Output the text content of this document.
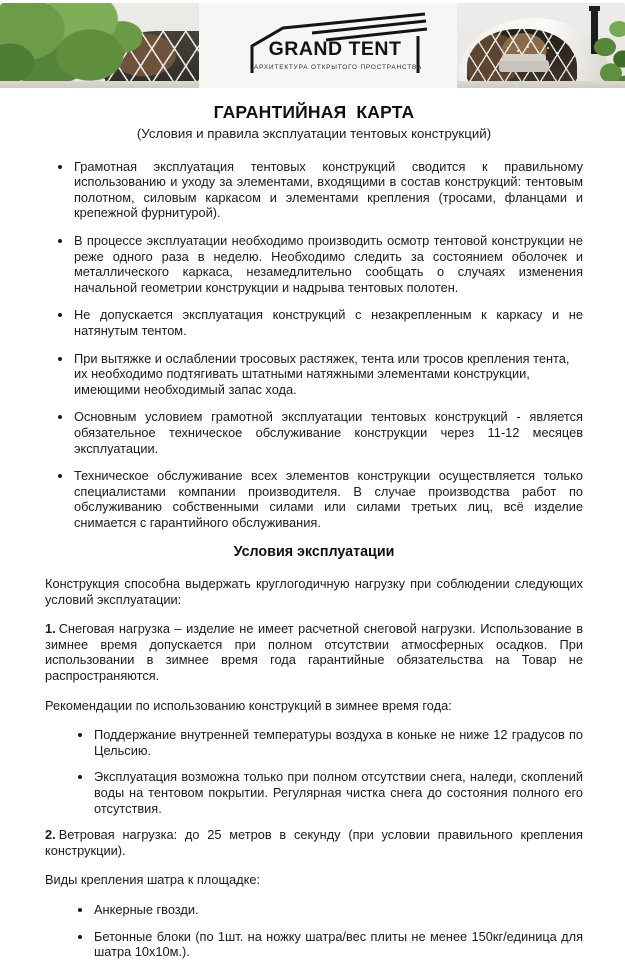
GRAND TENT
АРХИТЕКТУРА ОТКРЫТОГО ПРОСТРАНСТВА
ГАРАНТИЙНАЯ КАРТА
(Условия и правила эксплуатации тентовых конструкций)
• Грамотная эксплуатация тентовых конструкций сводится к правильному использованию и уходу за элементами, входящими в состав конструкций: тентовым полотном, силовым каркасом и элементами крепления (тросами, фланцами и крепежной фурнитурой).
• В процессе эксплуатации необходимо производить осмотр тентовой конструкции не реже одного раза в неделю. Необходимо следить за состоянием оболочек и металлического каркаса, незамедлительно сообщать о случаях изменения начальной геометрии конструкции и надрыва тентовых полотен.
• Не допускается эксплуатация конструкций с незакрепленным к каркасу и не натянутым тентом.
• При вытяжке и ослаблении тросовых растяжек, тента или тросов крепления тента, их необходимо подтягивать штатными натяжными элементами конструкции, имеющими необходимый запас хода.
• Основным условием грамотной эксплуатации тентовых конструкций - является обязательное техническое обслуживание конструкции через 11-12 месяцев эксплуатации.
• Техническое обслуживание всех элементов конструкции осуществляется только специалистами компании производителя. В случае производства работ по обслуживанию собственными силами или силами третьих лиц, всё изделие снимается с гарантийного обслуживания.
Условия эксплуатации

Конструкция способна выдержать круглогодичную нагрузку при соблюдении следующих условий эксплуатации:

1. Снеговая нагрузка – изделие не имеет расчетной снеговой нагрузки. Использование в зимнее время допускается при полном отсутствии атмосферных осадков. При использовании в зимнее время года гарантийные обязательства на Товар не распространяются.

Рекомендации по использованию конструкций в зимнее время года:

• Поддержание внутренней температуры воздуха в коньке не ниже 12 градусов по Цельсию.
• Эксплуатация возможна только при полном отсутствии снега, наледи, скоплений воды на тентовом покрытии. Регулярная чистка снега до состояния полного его отсутствия.

2. Ветровая нагрузка: до 25 метров в секунду (при условии правильного крепления конструкции).

Виды крепления шатра к площадке:

• Анкерные гвозди.
• Бетонные блоки (по 1шт. на ножку шатра/вес плиты не менее 150кг/единица для шатра 10х10м.).
